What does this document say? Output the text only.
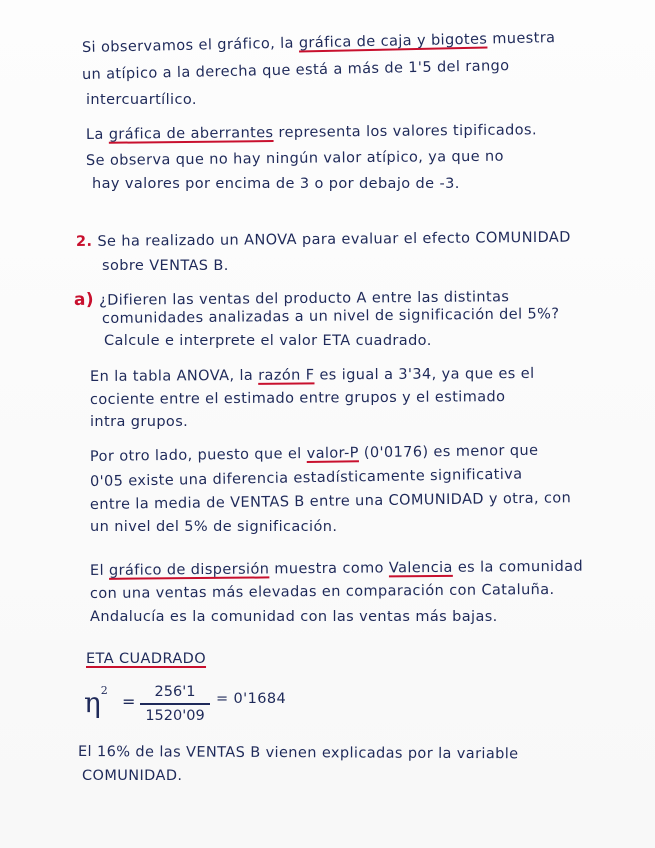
Si observamos el gráfico, la gráfica de caja y bigotes muestra
un atípico a la derecha que está a más de 1'5 del rango
intercuartílico.
La gráfica de aberrantes representa los valores tipificados.
Se observa que no hay ningún valor atípico, ya que no
hay valores por encima de 3 o por debajo de -3.
2. Se ha realizado un ANOVA para evaluar el efecto COMUNIDAD
sobre VENTAS B.
a) ¿Difieren las ventas del producto A entre las distintas
comunidades analizadas a un nivel de significación del 5%?
Calcule e interprete el valor ETA cuadrado.
En la tabla ANOVA, la razón F es igual a 3'34, ya que es el
cociente entre el estimado entre grupos y el estimado
intra grupos.
Por otro lado, puesto que el valor-P (0'0176) es menor que
0'05 existe una diferencia estadísticamente significativa
entre la media de VENTAS B entre una COMUNIDAD y otra, con
un nivel del 5% de significación.
El gráfico de dispersión muestra como Valencia es la comunidad
con una ventas más elevadas en comparación con Cataluña.
Andalucía es la comunidad con las ventas más bajas.
ETA CUADRADO
$\eta^2$
=	256'1
1520'09
= 0'1684
El 16% de las VENTAS B vienen explicadas por la variable
COMUNIDAD.
